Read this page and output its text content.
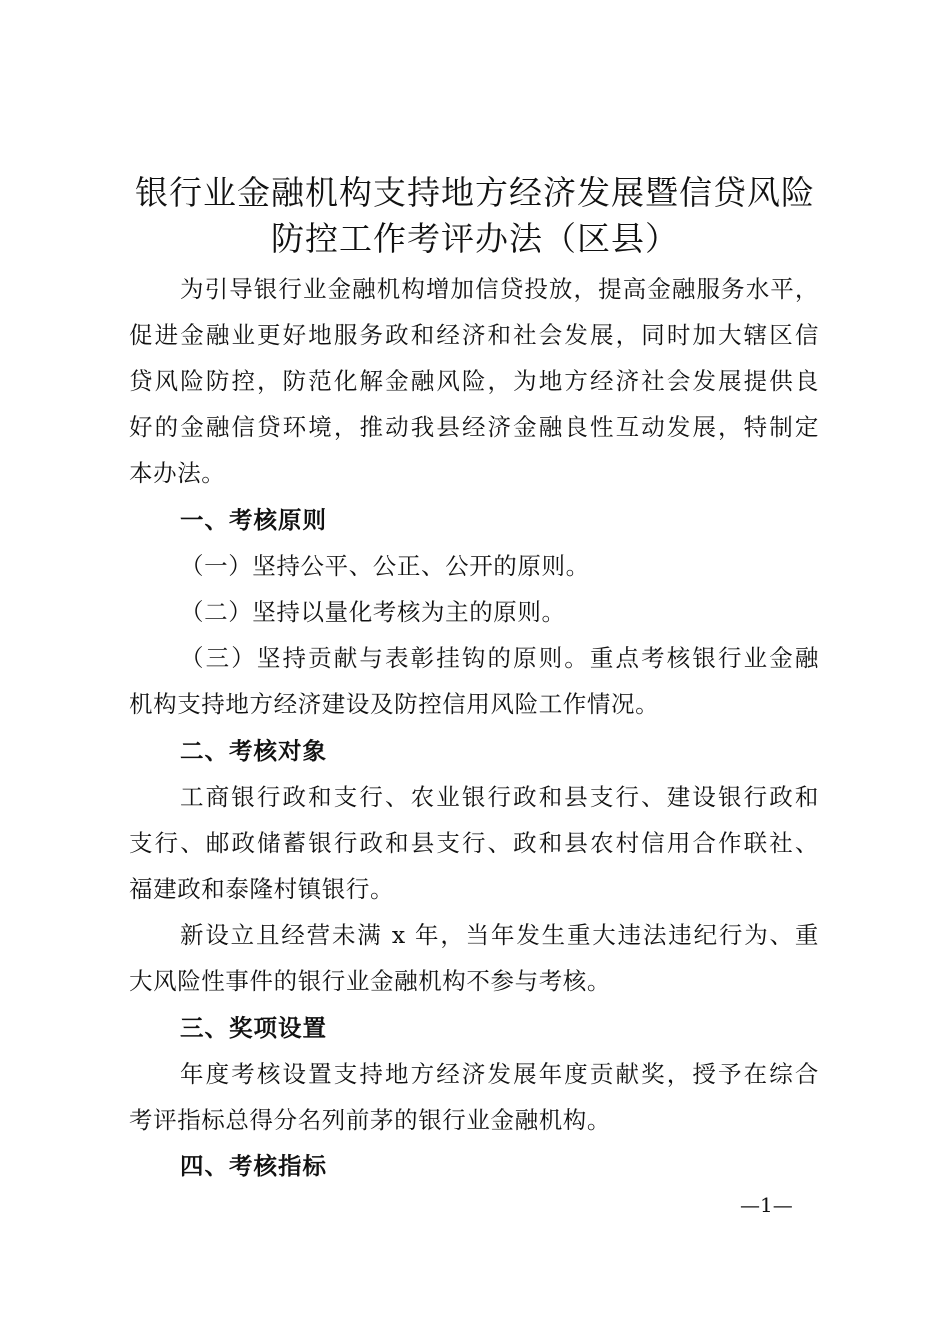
银行业金融机构支持地方经济发展暨信贷风险
防控工作考评办法（区县）

为引导银行业金融机构增加信贷投放，提高金融服务水平，

促进金融业更好地服务政和经济和社会发展，同时加大辖区信

贷风险防控，防范化解金融风险，为地方经济社会发展提供良

好的金融信贷环境，推动我县经济金融良性互动发展，特制定

本办法。

一、考核原则

（一）坚持公平、公正、公开的原则。

（二）坚持以量化考核为主的原则。

（三）坚持贡献与表彰挂钩的原则。重点考核银行业金融

机构支持地方经济建设及防控信用风险工作情况。

二、考核对象

工商银行政和支行、农业银行政和县支行、建设银行政和

支行、邮政储蓄银行政和县支行、政和县农村信用合作联社、

福建政和泰隆村镇银行。

新设立且经营未满 x 年，当年发生重大违法违纪行为、重

大风险性事件的银行业金融机构不参与考核。

三、奖项设置

年度考核设置支持地方经济发展年度贡献奖，授予在综合

考评指标总得分名列前茅的银行业金融机构。

四、考核指标

—1—
